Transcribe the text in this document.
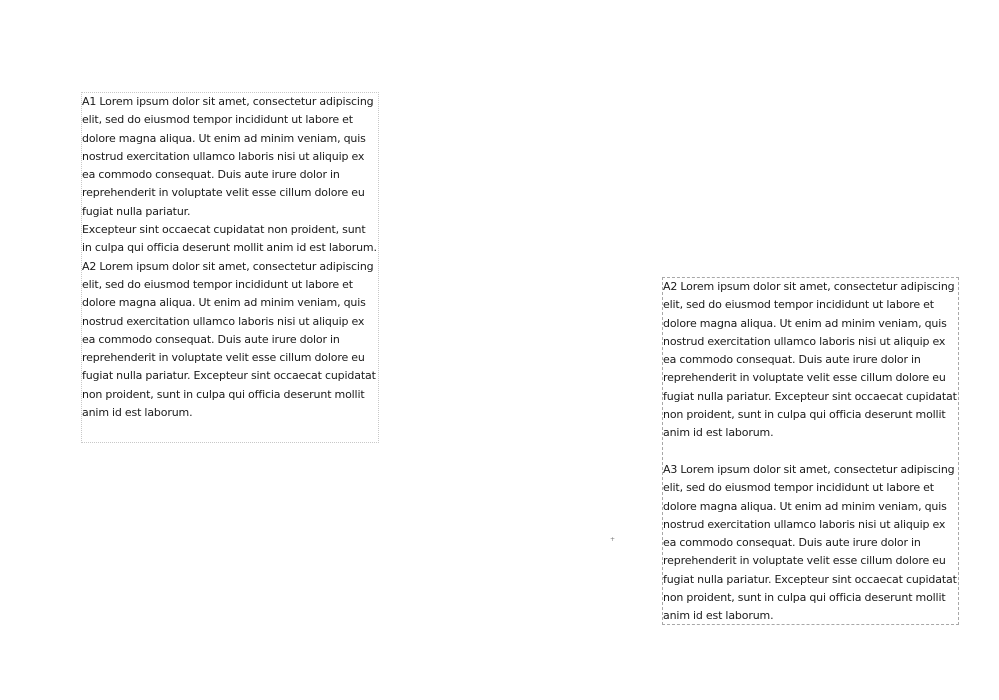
A1 Lorem ipsum dolor sit amet, consectetur adipiscing elit, sed do eiusmod tempor incididunt ut labore et dolore magna aliqua. Ut enim ad minim veniam, quis nostrud exercitation ullamco laboris nisi ut aliquip ex ea commodo consequat. Duis aute irure dolor in reprehenderit in voluptate velit esse cillum dolore eu fugiat nulla pariatur.

Excepteur sint occaecat cupidatat non proident, sunt in culpa qui officia deserunt mollit anim id est laborum.

A2 Lorem ipsum dolor sit amet, consectetur adipiscing elit, sed do eiusmod tempor incididunt ut labore et dolore magna aliqua. Ut enim ad minim veniam, quis nostrud exercitation ullamco laboris nisi ut aliquip ex ea commodo consequat. Duis aute irure dolor in reprehenderit in voluptate velit esse cillum dolore eu fugiat nulla pariatur. Excepteur sint occaecat cupidatat non proident, sunt in culpa qui officia deserunt mollit anim id est laborum.

A2 Lorem ipsum dolor sit amet, consectetur adipiscing elit, sed do eiusmod tempor incididunt ut labore et dolore magna aliqua. Ut enim ad minim veniam, quis nostrud exercitation ullamco laboris nisi ut aliquip ex ea commodo consequat. Duis aute irure dolor in reprehenderit in voluptate velit esse cillum dolore eu fugiat nulla pariatur. Excepteur sint occaecat cupidatat non proident, sunt in culpa qui officia deserunt mollit anim id est laborum.

A3 Lorem ipsum dolor sit amet, consectetur adipiscing elit, sed do eiusmod tempor incididunt ut labore et dolore magna aliqua. Ut enim ad minim veniam, quis nostrud exercitation ullamco laboris nisi ut aliquip ex ea commodo consequat. Duis aute irure dolor in reprehenderit in voluptate velit esse cillum dolore eu fugiat nulla pariatur. Excepteur sint occaecat cupidatat non proident, sunt in culpa qui officia deserunt mollit anim id est laborum.

+
